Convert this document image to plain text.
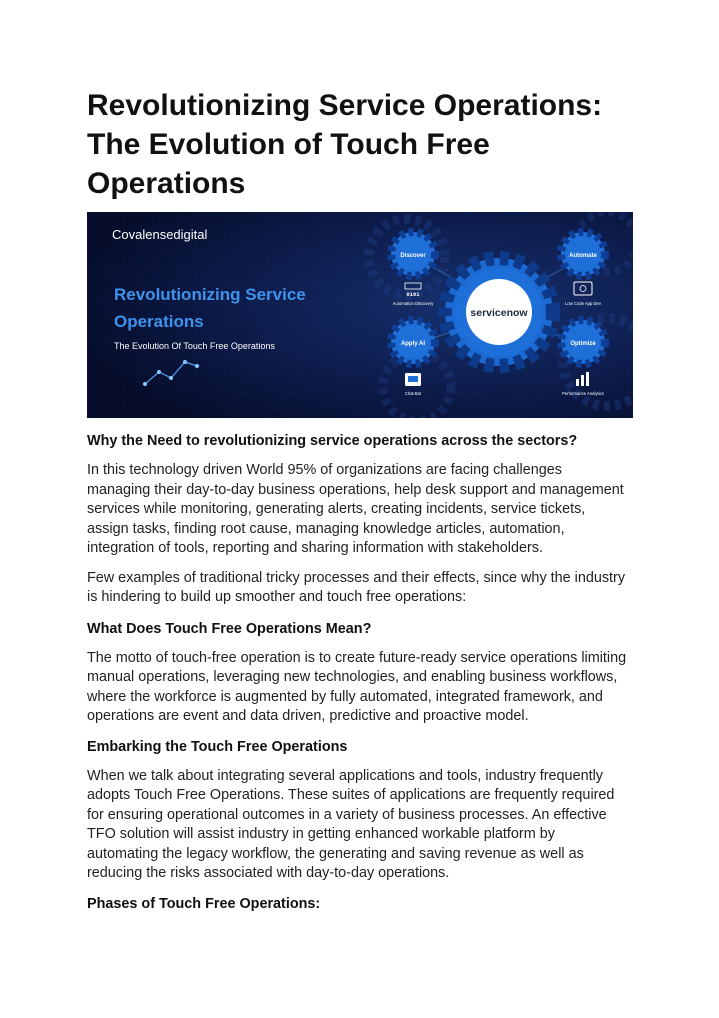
Revolutionizing Service Operations:
The Evolution of Touch Free
Operations
Covalensedigital
Revolutionizing Service
Operations
The Evolution Of Touch Free Operations
servicenow
Discover
0101
Automation Discovery
Automate
Low Code App Dev
Apply AI
Chat Bot
Optimize
Performance Analytics
Why the Need to revolutionizing service operations across the sectors?

In this technology driven World 95% of organizations are facing challenges
managing their day-to-day business operations, help desk support and management
services while monitoring, generating alerts, creating incidents, service tickets,
assign tasks, finding root cause, managing knowledge articles, automation,
integration of tools, reporting and sharing information with stakeholders.

Few examples of traditional tricky processes and their effects, since why the industry
is hindering to build up smoother and touch free operations:

What Does Touch Free Operations Mean?

The motto of touch-free operation is to create future-ready service operations limiting
manual operations, leveraging new technologies, and enabling business workflows,
where the workforce is augmented by fully automated, integrated framework, and
operations are event and data driven, predictive and proactive model.

Embarking the Touch Free Operations

When we talk about integrating several applications and tools, industry frequently
adopts Touch Free Operations. These suites of applications are frequently required
for ensuring operational outcomes in a variety of business processes. An effective
TFO solution will assist industry in getting enhanced workable platform by
automating the legacy workflow, the generating and saving revenue as well as
reducing the risks associated with day-to-day operations.

Phases of Touch Free Operations:
